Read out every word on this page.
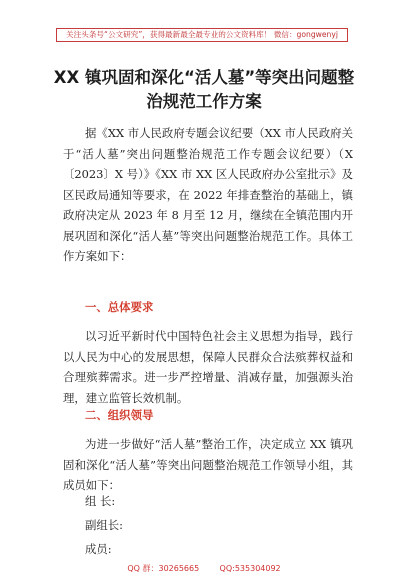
关注头条号“公文研究”，获得最新最全最专业的公文资料库！ 微信：gongwenyj
XX 镇巩固和深化“活人墓”等突出问题整
治规范工作方案

据《XX 市人民政府专题会议纪要（XX 市人民政府关于“活人墓”突出问题整治规范工作专题会议纪要）（X〔2023〕X 号）》《XX 市 XX 区人民政府办公室批示》及区民政局通知等要求，在 2022 年排查整治的基础上，镇政府决定从 2023 年 8 月至 12 月，继续在全镇范围内开展巩固和深化“活人墓”等突出问题整治规范工作。具体工作方案如下：

一、总体要求

以习近平新时代中国特色社会主义思想为指导，践行以人民为中心的发展思想，保障人民群众合法殡葬权益和合理殡葬需求。进一步严控增量、消减存量，加强源头治理，建立监管长效机制。

二、组织领导

为进一步做好“活人墓”整治工作，决定成立 XX 镇巩固和深化“活人墓”等突出问题整治规范工作领导小组，其成员如下：

组 长:
副组长:
成员:
QQ 群：30265665        QQ:535304092
